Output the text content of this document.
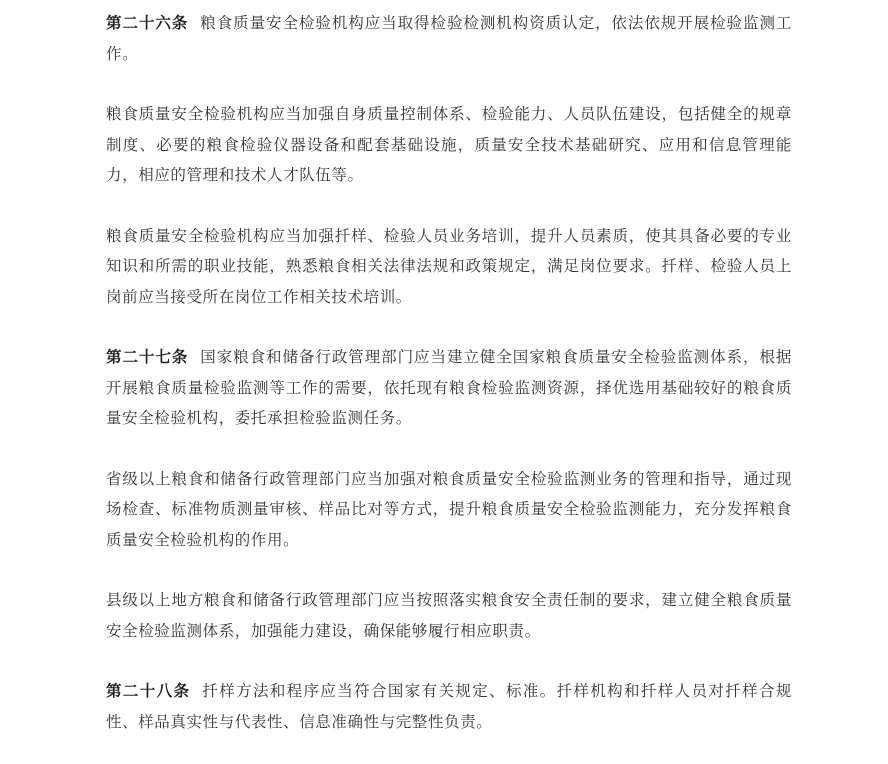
第二十六条 粮食质量安全检验机构应当取得检验检测机构资质认定，依法依规开展检验监测工作。

粮食质量安全检验机构应当加强自身质量控制体系、检验能力、人员队伍建设，包括健全的规章制度、必要的粮食检验仪器设备和配套基础设施，质量安全技术基础研究、应用和信息管理能力，相应的管理和技术人才队伍等。

粮食质量安全检验机构应当加强扦样、检验人员业务培训，提升人员素质，使其具备必要的专业知识和所需的职业技能，熟悉粮食相关法律法规和政策规定，满足岗位要求。扦样、检验人员上岗前应当接受所在岗位工作相关技术培训。

第二十七条 国家粮食和储备行政管理部门应当建立健全国家粮食质量安全检验监测体系，根据开展粮食质量检验监测等工作的需要，依托现有粮食检验监测资源，择优选用基础较好的粮食质量安全检验机构，委托承担检验监测任务。

省级以上粮食和储备行政管理部门应当加强对粮食质量安全检验监测业务的管理和指导，通过现场检查、标准物质测量审核、样品比对等方式，提升粮食质量安全检验监测能力，充分发挥粮食质量安全检验机构的作用。

县级以上地方粮食和储备行政管理部门应当按照落实粮食安全责任制的要求，建立健全粮食质量安全检验监测体系，加强能力建设，确保能够履行相应职责。

第二十八条 扦样方法和程序应当符合国家有关规定、标准。扦样机构和扦样人员对扦样合规性、样品真实性与代表性、信息准确性与完整性负责。
